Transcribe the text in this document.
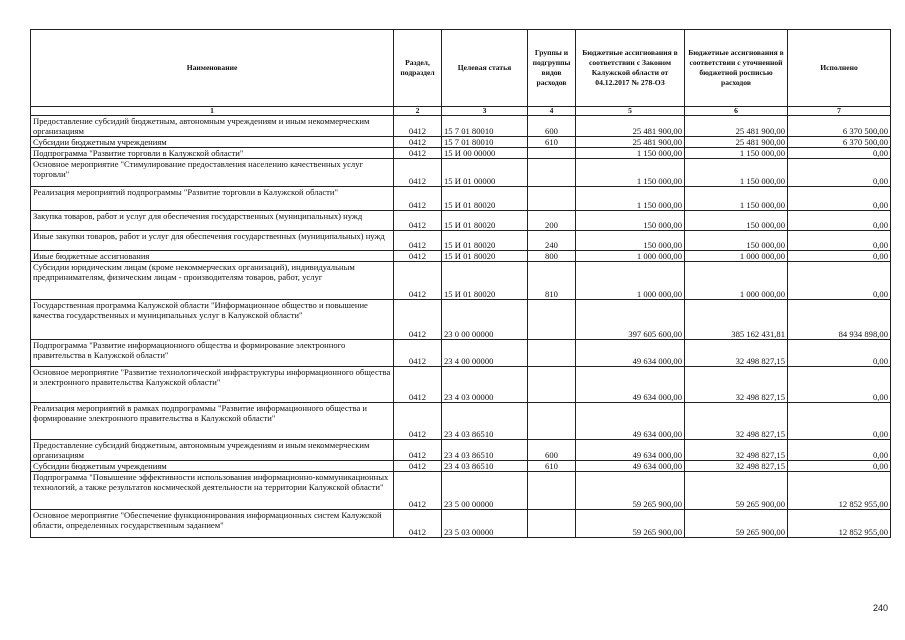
Наименование	Раздел, подраздел	Целевая статья	Группы и подгруппы видов расходов	Бюджетные ассигнования в соответствии с Законом Калужской области от 04.12.2017 № 278-ОЗ	Бюджетные ассигнования в соответствии с уточненной бюджетной росписью расходов	Исполнено
1	2	3	4	5	6	7
Предоставление субсидий бюджетным, автономным учреждениям и иным некоммерческим организациям	0412	15 7 01 80010	600	25 481 900,00	25 481 900,00	6 370 500,00
Субсидии бюджетным учреждениям	0412	15 7 01 80010	610	25 481 900,00	25 481 900,00	6 370 500,00
Подпрограмма "Развитие торговли в Калужской области"	0412	15 И 00 00000		1 150 000,00	1 150 000,00	0,00
Основное мероприятие "Стимулирование предоставления населению качественных услуг торговли"	0412	15 И 01 00000		1 150 000,00	1 150 000,00	0,00
Реализация мероприятий подпрограммы "Развитие торговли в Калужской области"	0412	15 И 01 80020		1 150 000,00	1 150 000,00	0,00
Закупка товаров, работ и услуг для обеспечения государственных (муниципальных) нужд	0412	15 И 01 80020	200	150 000,00	150 000,00	0,00
Иные закупки товаров, работ и услуг для обеспечения государственных (муниципальных) нужд	0412	15 И 01 80020	240	150 000,00	150 000,00	0,00
Иные бюджетные ассигнования	0412	15 И 01 80020	800	1 000 000,00	1 000 000,00	0,00
Субсидии юридическим лицам (кроме некоммерческих организаций), индивидуальным предпринимателям, физическим лицам - производителям товаров, работ, услуг	0412	15 И 01 80020	810	1 000 000,00	1 000 000,00	0,00
Государственная программа Калужской области "Информационное общество и повышение качества государственных и муниципальных услуг в Калужской области"	0412	23 0 00 00000		397 605 600,00	385 162 431,81	84 934 898,00
Подпрограмма "Развитие информационного общества и формирование электронного правительства в Калужской области"	0412	23 4 00 00000		49 634 000,00	32 498 827,15	0,00
Основное мероприятие "Развитие технологической инфраструктуры информационного общества и электронного правительства Калужской области"	0412	23 4 03 00000		49 634 000,00	32 498 827,15	0,00
Реализация мероприятий в рамках подпрограммы "Развитие информационного общества и формирование электронного правительства в Калужской области"	0412	23 4 03 86510		49 634 000,00	32 498 827,15	0,00
Предоставление субсидий бюджетным, автономным учреждениям и иным некоммерческим организациям	0412	23 4 03 86510	600	49 634 000,00	32 498 827,15	0,00
Субсидии бюджетным учреждениям	0412	23 4 03 86510	610	49 634 000,00	32 498 827,15	0,00
Подпрограмма "Повышение эффективности использования информационно-коммуникационных технологий, а также результатов космической деятельности на территории Калужской области"	0412	23 5 00 00000		59 265 900,00	59 265 900,00	12 852 955,00
Основное мероприятие "Обеспечение функционирования информационных систем Калужской области, определенных государственным заданием"	0412	23 5 03 00000		59 265 900,00	59 265 900,00	12 852 955,00
240
